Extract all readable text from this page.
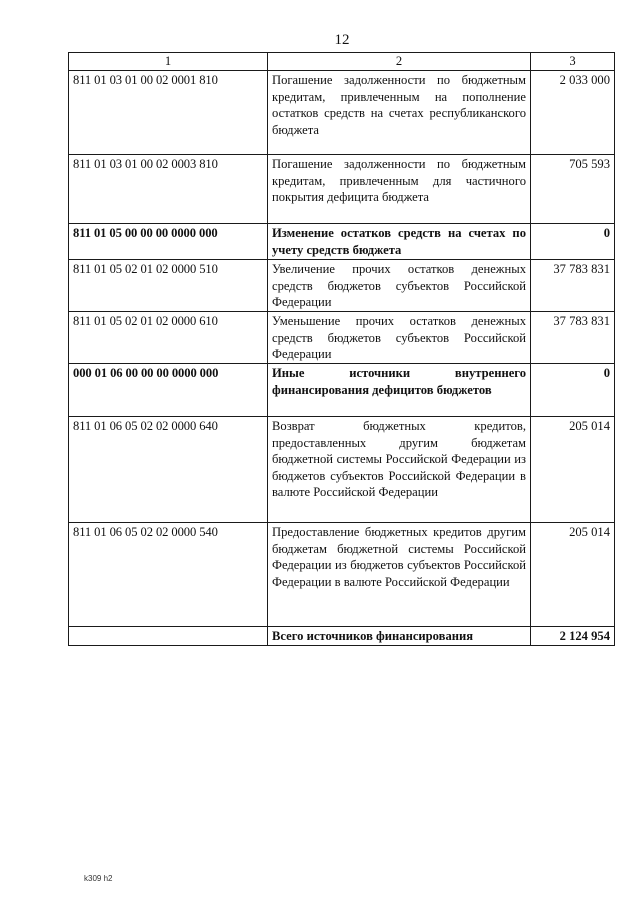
12
1	2	3
811 01 03 01 00 02 0001 810	Погашение задолженности по бюджетным кредитам, привлеченным на пополнение остатков средств на счетах республиканского бюджета	2 033 000
811 01 03 01 00 02 0003 810	Погашение задолженности по бюджетным кредитам, привлеченным для частичного покрытия дефицита бюджета	705 593
811 01 05 00 00 00 0000 000	Изменение остатков средств на счетах по учету средств бюджета	0
811 01 05 02 01 02 0000 510	Увеличение прочих остатков денежных средств бюджетов субъектов Российской Федерации	37 783 831
811 01 05 02 01 02 0000 610	Уменьшение прочих остатков денежных средств бюджетов субъектов Российской Федерации	37 783 831
000 01 06 00 00 00 0000 000	Иные источники внутреннего финансирования дефицитов бюджетов	0
811 01 06 05 02 02 0000 640	Возврат бюджетных кредитов, предоставленных другим бюджетам бюджетной системы Российской Федерации из бюджетов субъектов Российской Федерации в валюте Российской Федерации	205 014
811 01 06 05 02 02 0000 540	Предоставление бюджетных кредитов другим бюджетам бюджетной системы Российской Федерации из бюджетов субъектов Российской Федерации в валюте Российской Федерации	205 014
	Всего источников финансирования	2 124 954
k309 h2
